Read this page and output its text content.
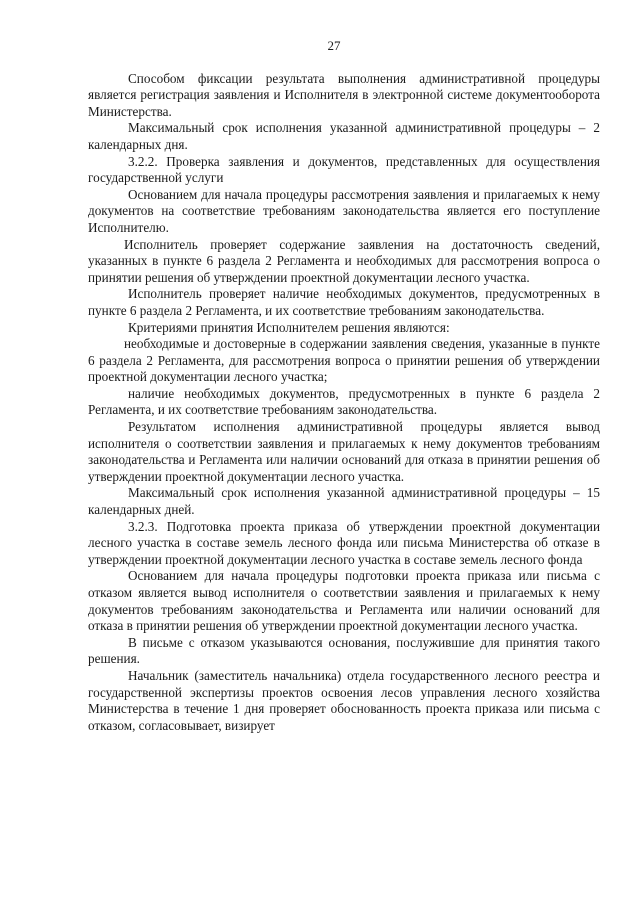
27

Способом фиксации результата выполнения административной процедуры является регистрация заявления и Исполнителя в электронной системе документооборота Министерства.

Максимальный срок исполнения указанной административной процедуры – 2 календарных дня.

3.2.2. Проверка заявления и документов, представленных для осуществления государственной услуги

Основанием для начала процедуры рассмотрения заявления и прилагаемых к нему документов на соответствие требованиям законодательства является его поступление Исполнителю.

Исполнитель проверяет содержание заявления на достаточность сведений, указанных в пункте 6 раздела 2 Регламента и необходимых для рассмотрения вопроса о принятии решения об утверждении проектной документации лесного участка.

Исполнитель проверяет наличие необходимых документов, предусмотренных в пункте 6 раздела 2 Регламента, и их соответствие требованиям законодательства.

Критериями принятия Исполнителем решения являются:

необходимые и достоверные в содержании заявления сведения, указанные в пункте 6 раздела 2 Регламента, для рассмотрения вопроса о принятии решения об утверждении проектной документации лесного участка;

наличие необходимых документов, предусмотренных в пункте 6 раздела 2 Регламента, и их соответствие требованиям законодательства.

Результатом исполнения административной процедуры является вывод исполнителя о соответствии заявления и прилагаемых к нему документов требованиям законодательства и Регламента или наличии оснований для отказа в принятии решения об утверждении проектной документации лесного участка.

Максимальный срок исполнения указанной административной процедуры – 15 календарных дней.

3.2.3. Подготовка проекта приказа об утверждении проектной документации лесного участка в составе земель лесного фонда или письма Министерства об отказе в утверждении проектной документации лесного участка в составе земель лесного фонда

Основанием для начала процедуры подготовки проекта приказа или письма с отказом является вывод исполнителя о соответствии заявления и прилагаемых к нему документов требованиям законодательства и Регламента или наличии оснований для отказа в принятии решения об утверждении проектной документации лесного участка.

В письме с отказом указываются основания, послужившие для принятия такого решения.

Начальник (заместитель начальника) отдела государственного лесного реестра и государственной экспертизы проектов освоения лесов управления лесного хозяйства Министерства в течение 1 дня проверяет обоснованность проекта приказа или письма с отказом, согласовывает, визирует
